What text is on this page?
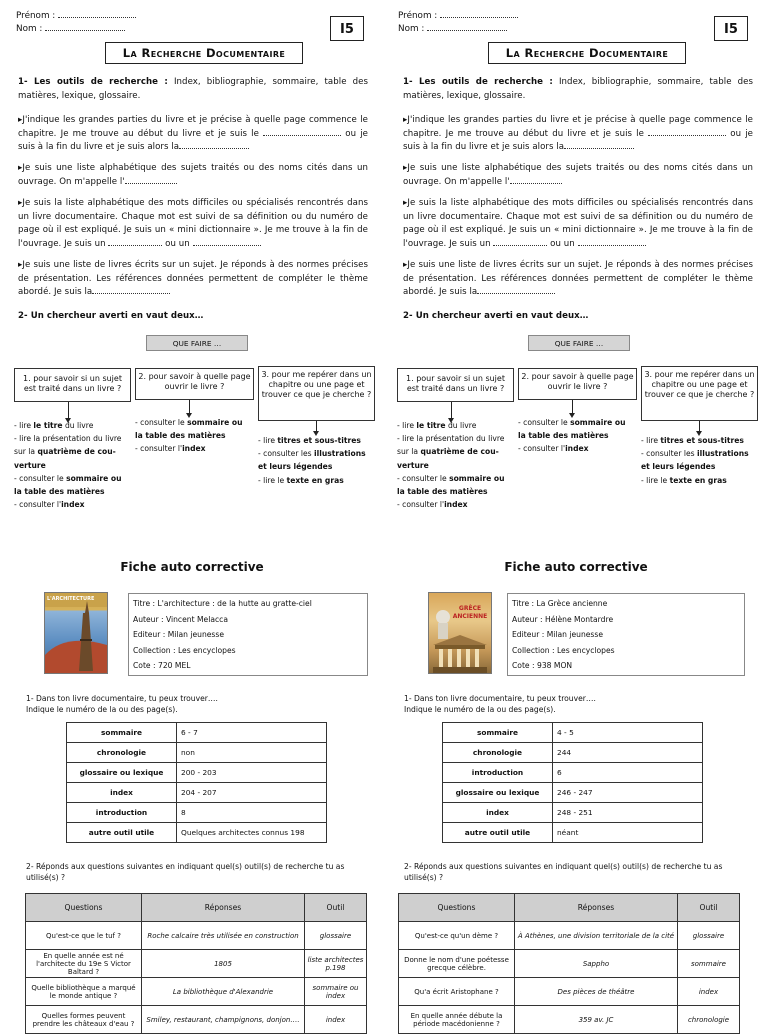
Prénom :
Nom :	I5
La Recherche Documentaire
1- Les outils de recherche : Index, bibliographie, sommaire, table des matières, lexique, glossaire.
▸J'indique les grandes parties du livre et je précise à quelle page commence le chapitre. Je me trouve au début du livre et je suis le	ou je suis à la fin du livre et je suis alors la
▸Je suis une liste alphabétique des sujets traités ou des noms cités dans un ouvrage. On m'appelle l'
▸Je suis la liste alphabétique des mots difficiles ou spécialisés rencontrés dans un livre documentaire. Chaque mot est suivi de sa définition ou du numéro de page où il est expliqué. Je suis un « mini dictionnaire ». Je me trouve à la fin de l'ouvrage. Je suis un	ou un
▸Je suis une liste de livres écrits sur un sujet. Je réponds à des normes précises de présentation. Les références données permettent de compléter le thème abordé. Je suis la
2- Un chercheur averti en vaut deux…
QUE FAIRE …
1. pour savoir si un sujet est traité dans un livre ?
2. pour savoir à quelle page ouvrir le livre ?
3. pour me repérer dans un chapitre ou une page et trouver ce que je cherche ?
- lire le titre du livre
- lire la présentation du livre
sur la quatrième de cou-
verture
- consulter le sommaire ou
la table des matières
- consulter l'index
- consulter le sommaire ou
la table des matières
- consulter l'index
- lire titres et sous-titres
- consulter les illustrations
et leurs légendes
- lire le texte en gras
Fiche auto corrective
L'ARCHITECTURE	Titre : L'architecture : de la hutte au gratte-ciel
Auteur : Vincent Melacca
Editeur : Milan jeunesse
Collection : Les encyclopes
Cote : 720 MEL
1- Dans ton livre documentaire, tu peux trouver….
Indique le numéro de la ou des page(s).
sommaire	6 - 7
chronologie	non
glossaire ou lexique	200 - 203
index	204 - 207
introduction	8
autre outil utile	Quelques architectes connus 198
2- Réponds aux questions suivantes en indiquant quel(s) outil(s) de recherche tu as utilisé(s) ?
Questions	Réponses	Outil
Qu'est-ce que le tuf ?	Roche calcaire très utilisée en construction	glossaire
En quelle année est né l'architecte du 19e S Victor Baltard ?	1805	liste architectes p.198
Quelle bibliothèque a marqué le monde antique ?	La bibliothèque d'Alexandrie	sommaire ou index
Quelles formes peuvent prendre les châteaux d'eau ?	Smiley, restaurant, champignons, donjon….	index
Prénom :
Nom :	I5
La Recherche Documentaire
1- Les outils de recherche : Index, bibliographie, sommaire, table des matières, lexique, glossaire.
▸J'indique les grandes parties du livre et je précise à quelle page commence le chapitre. Je me trouve au début du livre et je suis le	ou je suis à la fin du livre et je suis alors la
▸Je suis une liste alphabétique des sujets traités ou des noms cités dans un ouvrage. On m'appelle l'
▸Je suis la liste alphabétique des mots difficiles ou spécialisés rencontrés dans un livre documentaire. Chaque mot est suivi de sa définition ou du numéro de page où il est expliqué. Je suis un « mini dictionnaire ». Je me trouve à la fin de l'ouvrage. Je suis un	ou un
▸Je suis une liste de livres écrits sur un sujet. Je réponds à des normes précises de présentation. Les références données permettent de compléter le thème abordé. Je suis la
2- Un chercheur averti en vaut deux…
QUE FAIRE …
1. pour savoir si un sujet est traité dans un livre ?
2. pour savoir à quelle page ouvrir le livre ?
3. pour me repérer dans un chapitre ou une page et trouver ce que je cherche ?
- lire le titre du livre
- lire la présentation du livre
sur la quatrième de cou-
verture
- consulter le sommaire ou
la table des matières
- consulter l'index
- consulter le sommaire ou
la table des matières
- consulter l'index
- lire titres et sous-titres
- consulter les illustrations
et leurs légendes
- lire le texte en gras
Fiche auto corrective
GRÈCE ANCIENNE
Titre : La Grèce ancienne
Auteur : Hélène Montardre
Editeur : Milan jeunesse
Collection : Les encyclopes
Cote : 938 MON
1- Dans ton livre documentaire, tu peux trouver….
Indique le numéro de la ou des page(s).
sommaire	4 - 5
chronologie	244
introduction	6
glossaire ou lexique	246 - 247
index	248 - 251
autre outil utile	néant
2- Réponds aux questions suivantes en indiquant quel(s) outil(s) de recherche tu as utilisé(s) ?
Questions	Réponses	Outil
Qu'est-ce qu'un dème ?	À Athènes, une division territoriale de la cité	glossaire
Donne le nom d'une poétesse grecque célèbre.	Sappho	sommaire
Qu'a écrit Aristophane ?	Des pièces de théâtre	index
En quelle année débute la période macédonienne ?	359 av. JC	chronologie
